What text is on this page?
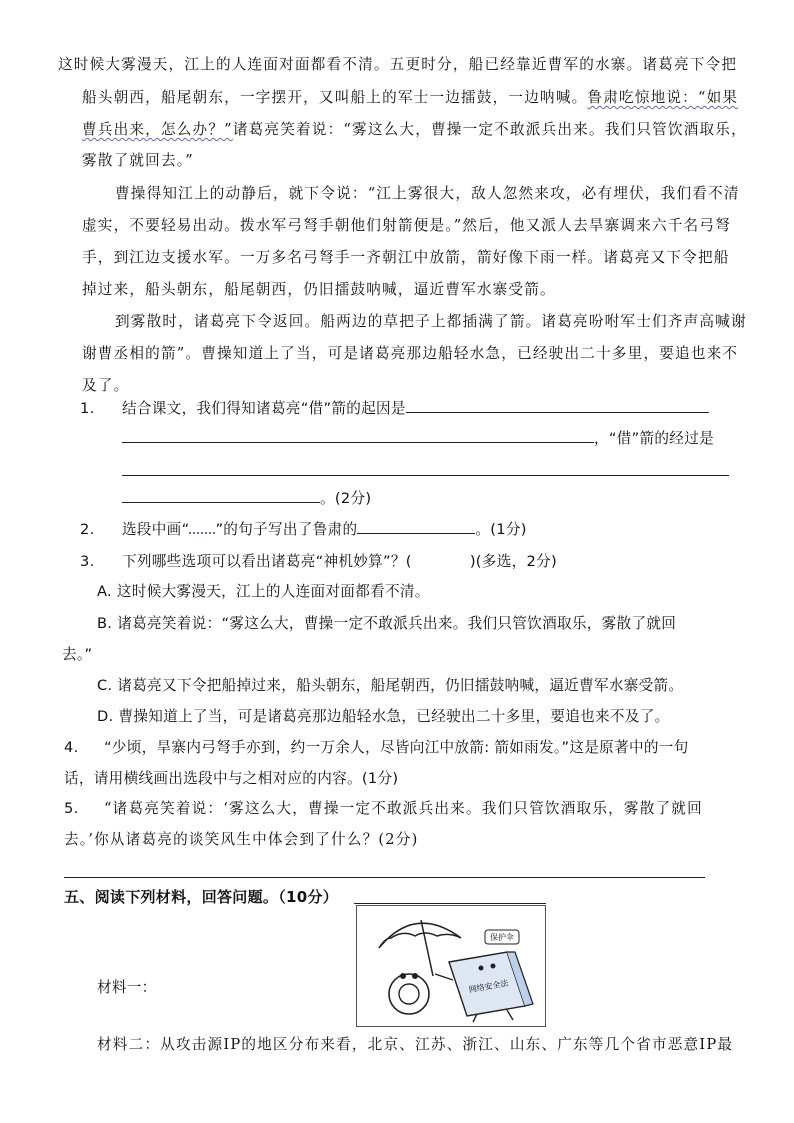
这时候大雾漫天，江上的人连面对面都看不清。五更时分，船已经靠近曹军的水寨。诸葛亮下令把
船头朝西，船尾朝东，一字摆开，又叫船上的军士一边擂鼓，一边呐喊。鲁肃吃惊地说：“如果
曹兵出来，怎么办？”诸葛亮笑着说：“雾这么大，曹操一定不敢派兵出来。我们只管饮酒取乐，
雾散了就回去。”
曹操得知江上的动静后，就下令说：“江上雾很大，敌人忽然来攻，必有埋伏，我们看不清
虚实，不要轻易出动。拨水军弓弩手朝他们射箭便是。”然后，他又派人去旱寨调来六千名弓弩
手，到江边支援水军。一万多名弓弩手一齐朝江中放箭，箭好像下雨一样。诸葛亮又下令把船
掉过来，船头朝东，船尾朝西，仍旧擂鼓呐喊，逼近曹军水寨受箭。
到雾散时，诸葛亮下令返回。船两边的草把子上都插满了箭。诸葛亮吩咐军士们齐声高喊谢
谢曹丞相的箭”。曹操知道上了当，可是诸葛亮那边船轻水急，已经驶出二十多里，要追也来不
及了。
1. 结合课文，我们得知诸葛亮“借”箭的起因是
，“借”箭的经过是
。(2分)
2. 选段中画“ ”的句子写出了鲁肃的	。(1分)
3. 下列哪些选项可以看出诸葛亮“神机妙算”？(	)(多选，2分)
A. 这时候大雾漫天，江上的人连面对面都看不清。
B. 诸葛亮笑着说：“雾这么大，曹操一定不敢派兵出来。我们只管饮酒取乐，雾散了就回
去。”
C. 诸葛亮又下令把船掉过来，船头朝东，船尾朝西，仍旧擂鼓呐喊，逼近曹军水寨受箭。
D. 曹操知道上了当，可是诸葛亮那边船轻水急，已经驶出二十多里，要追也来不及了。
4. “少顷，旱寨内弓弩手亦到，约一万余人，尽皆向江中放箭: 箭如雨发。”这是原著中的一句
话，请用横线画出选段中与之相对应的内容。(1分)
5. “诸葛亮笑着说：‘雾这么大，曹操一定不敢派兵出来。我们只管饮酒取乐，雾散了就回
去。’你从诸葛亮的谈笑风生中体会到了什么？(2分)
五、阅读下列材料，回答问题。（10分）
材料一：
保护伞
网络安全法
材料二：从攻击源IP的地区分布来看，北京、江苏、浙江、山东、广东等几个省市恶意IP最
